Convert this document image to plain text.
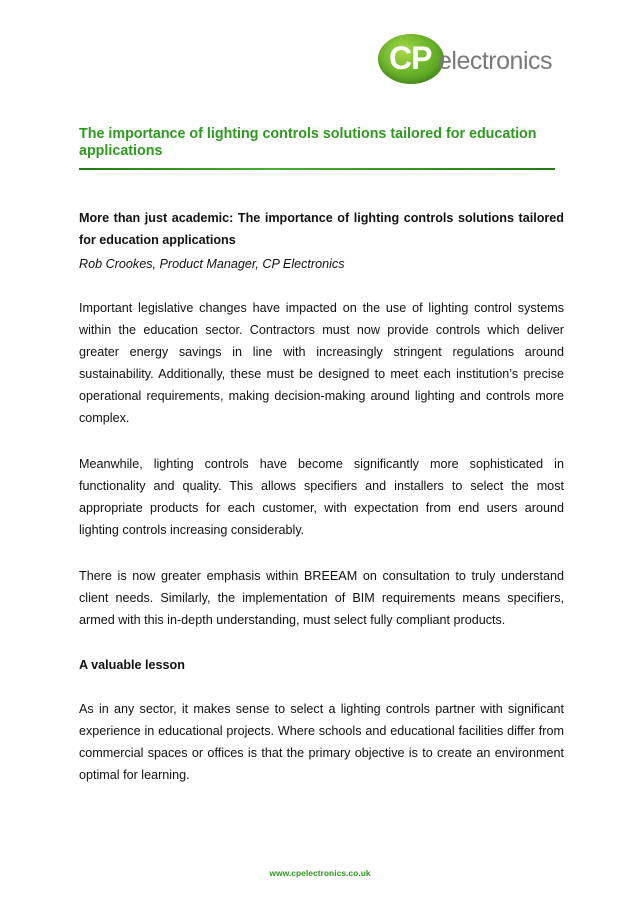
CP electronics
The importance of lighting controls solutions tailored for education applications

More than just academic: The importance of lighting controls solutions tailored for education applications

Rob Crookes, Product Manager, CP Electronics

Important legislative changes have impacted on the use of lighting control systems within the education sector. Contractors must now provide controls which deliver greater energy savings in line with increasingly stringent regulations around sustainability. Additionally, these must be designed to meet each institution’s precise operational requirements, making decision-making around lighting and controls more complex.

Meanwhile, lighting controls have become significantly more sophisticated in functionality and quality. This allows specifiers and installers to select the most appropriate products for each customer, with expectation from end users around lighting controls increasing considerably.

There is now greater emphasis within BREEAM on consultation to truly understand client needs. Similarly, the implementation of BIM requirements means specifiers, armed with this in-depth understanding, must select fully compliant products.

A valuable lesson

As in any sector, it makes sense to select a lighting controls partner with significant experience in educational projects. Where schools and educational facilities differ from commercial spaces or offices is that the primary objective is to create an environment optimal for learning.

www.cpelectronics.co.uk
